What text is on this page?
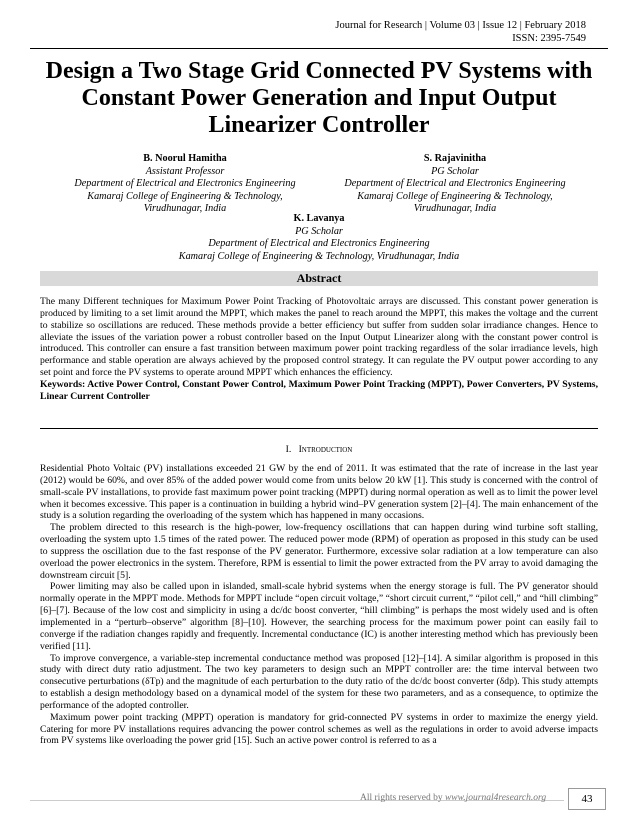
Journal for Research | Volume 03 | Issue 12 | February 2018
ISSN: 2395-7549
Design a Two Stage Grid Connected PV Systems with Constant Power Generation and Input Output Linearizer Controller
B. Noorul Hamitha
Assistant Professor
Department of Electrical and Electronics Engineering
Kamaraj College of Engineering & Technology,
Virudhunagar, India
S. Rajavinitha
PG Scholar
Department of Electrical and Electronics Engineering
Kamaraj College of Engineering & Technology,
Virudhunagar, India
K. Lavanya
PG Scholar
Department of Electrical and Electronics Engineering
Kamaraj College of Engineering & Technology, Virudhunagar, India
Abstract

The many Different techniques for Maximum Power Point Tracking of Photovoltaic arrays are discussed. This constant power generation is produced by limiting to a set limit around the MPPT, which makes the panel to reach around the MPPT, this makes the voltage and the current to stabilize so oscillations are reduced. These methods provide a better efficiency but suffer from sudden solar irradiance changes. Hence to alleviate the issues of the variation power a robust controller based on the Input Output Linearizer along with the constant power control is introduced. This controller can ensure a fast transition between maximum power point tracking regardless of the solar irradiance levels, high performance and stable operation are always achieved by the proposed control strategy. It can regulate the PV output power according to any set point and force the PV systems to operate around MPPT which enhances the efficiency.

Keywords: Active Power Control, Constant Power Control, Maximum Power Point Tracking (MPPT), Power Converters, PV Systems, Linear Current Controller

I. Introduction

Residential Photo Voltaic (PV) installations exceeded 21 GW by the end of 2011. It was estimated that the rate of increase in the last year (2012) would be 60%, and over 85% of the added power would come from units below 20 kW [1]. This study is concerned with the control of small-scale PV installations, to provide fast maximum power point tracking (MPPT) during normal operation as well as to limit the power level when it becomes excessive. This paper is a continuation in building a hybrid wind–PV generation system [2]–[4]. The main enhancement of the study is a solution regarding the overloading of the system which has happened in many occasions.

The problem directed to this research is the high-power, low-frequency oscillations that can happen during wind turbine soft stalling, overloading the system upto 1.5 times of the rated power. The reduced power mode (RPM) of operation as proposed in this study can be used to suppress the oscillation due to the fast response of the PV generator. Furthermore, excessive solar radiation at a low temperature can also overload the power electronics in the system. Therefore, RPM is essential to limit the power extracted from the PV array to avoid damaging the downstream circuit [5].

Power limiting may also be called upon in islanded, small-scale hybrid systems when the energy storage is full. The PV generator should normally operate in the MPPT mode. Methods for MPPT include “open circuit voltage,” “short circuit current,” “pilot cell,” and “hill climbing” [6]–[7]. Because of the low cost and simplicity in using a dc/dc boost converter, “hill climbing” is perhaps the most widely used and is often implemented in a “perturb–observe” algorithm [8]–[10]. However, the searching process for the maximum power point can easily fail to converge if the radiation changes rapidly and frequently. Incremental conductance (IC) is another interesting method which has previously been verified [11].

To improve convergence, a variable-step incremental conductance method was proposed [12]–[14]. A similar algorithm is proposed in this study with direct duty ratio adjustment. The two key parameters to design such an MPPT controller are: the time interval between two consecutive perturbations (δTp) and the magnitude of each perturbation to the duty ratio of the dc/dc boost converter (δdp). This study attempts to establish a design methodology based on a dynamical model of the system for these two parameters, and as a consequence, to optimize the performance of the adopted controller.

Maximum power point tracking (MPPT) operation is mandatory for grid-connected PV systems in order to maximize the energy yield. Catering for more PV installations requires advancing the power control schemes as well as the regulations in order to avoid adverse impacts from PV systems like overloading the power grid [15]. Such an active power control is referred to as a

All rights reserved by www.journal4research.org	43
